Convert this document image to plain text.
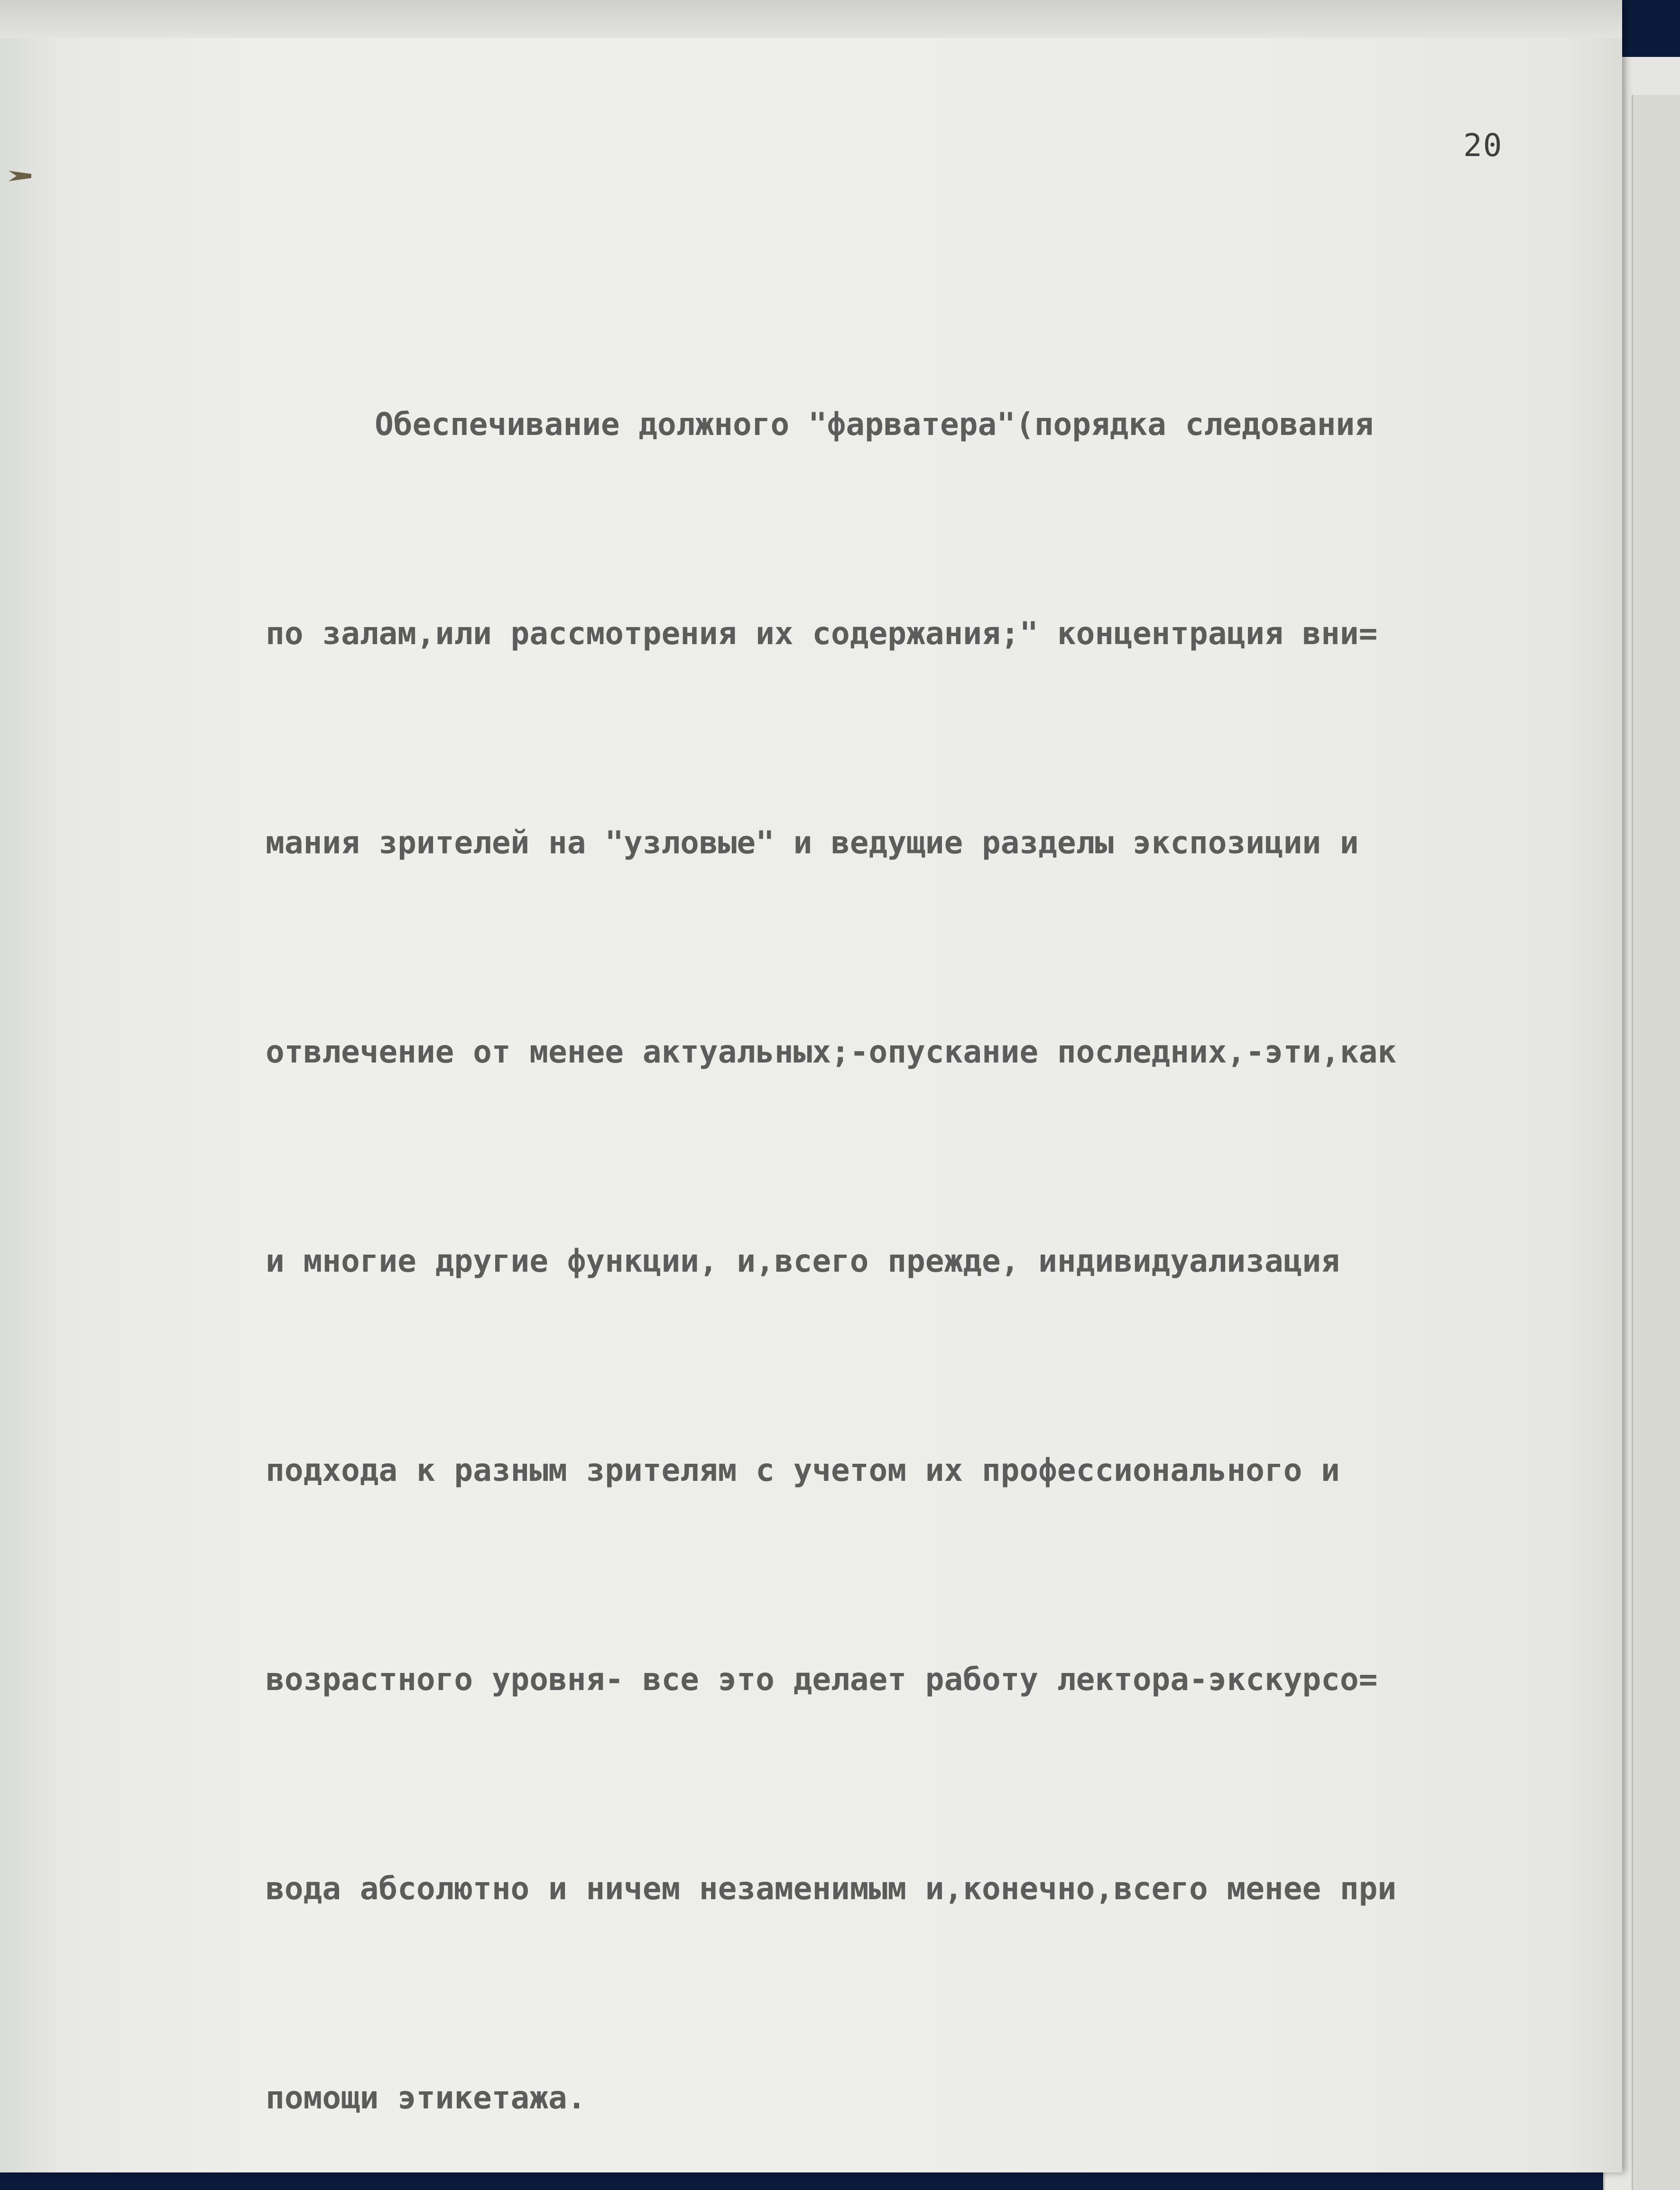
20

Обеспечивание должного "фарватера"(порядка следования

по залам,или рассмотрения их содержания;" концентрация вни=

мания зрителей на "узловые" и ведущие разделы экспозиции и

отвлечение от менее актуальных;-опускание последних,-эти,как

и многие другие функции, и,всего прежде, индивидуализация

подхода к разным зрителям с учетом их профессионального и

возрастного уровня- все это делает работу лектора-экскурсо=

вода абсолютно и ничем незаменимым и,конечно,всего менее при

помощи этикетажа.
